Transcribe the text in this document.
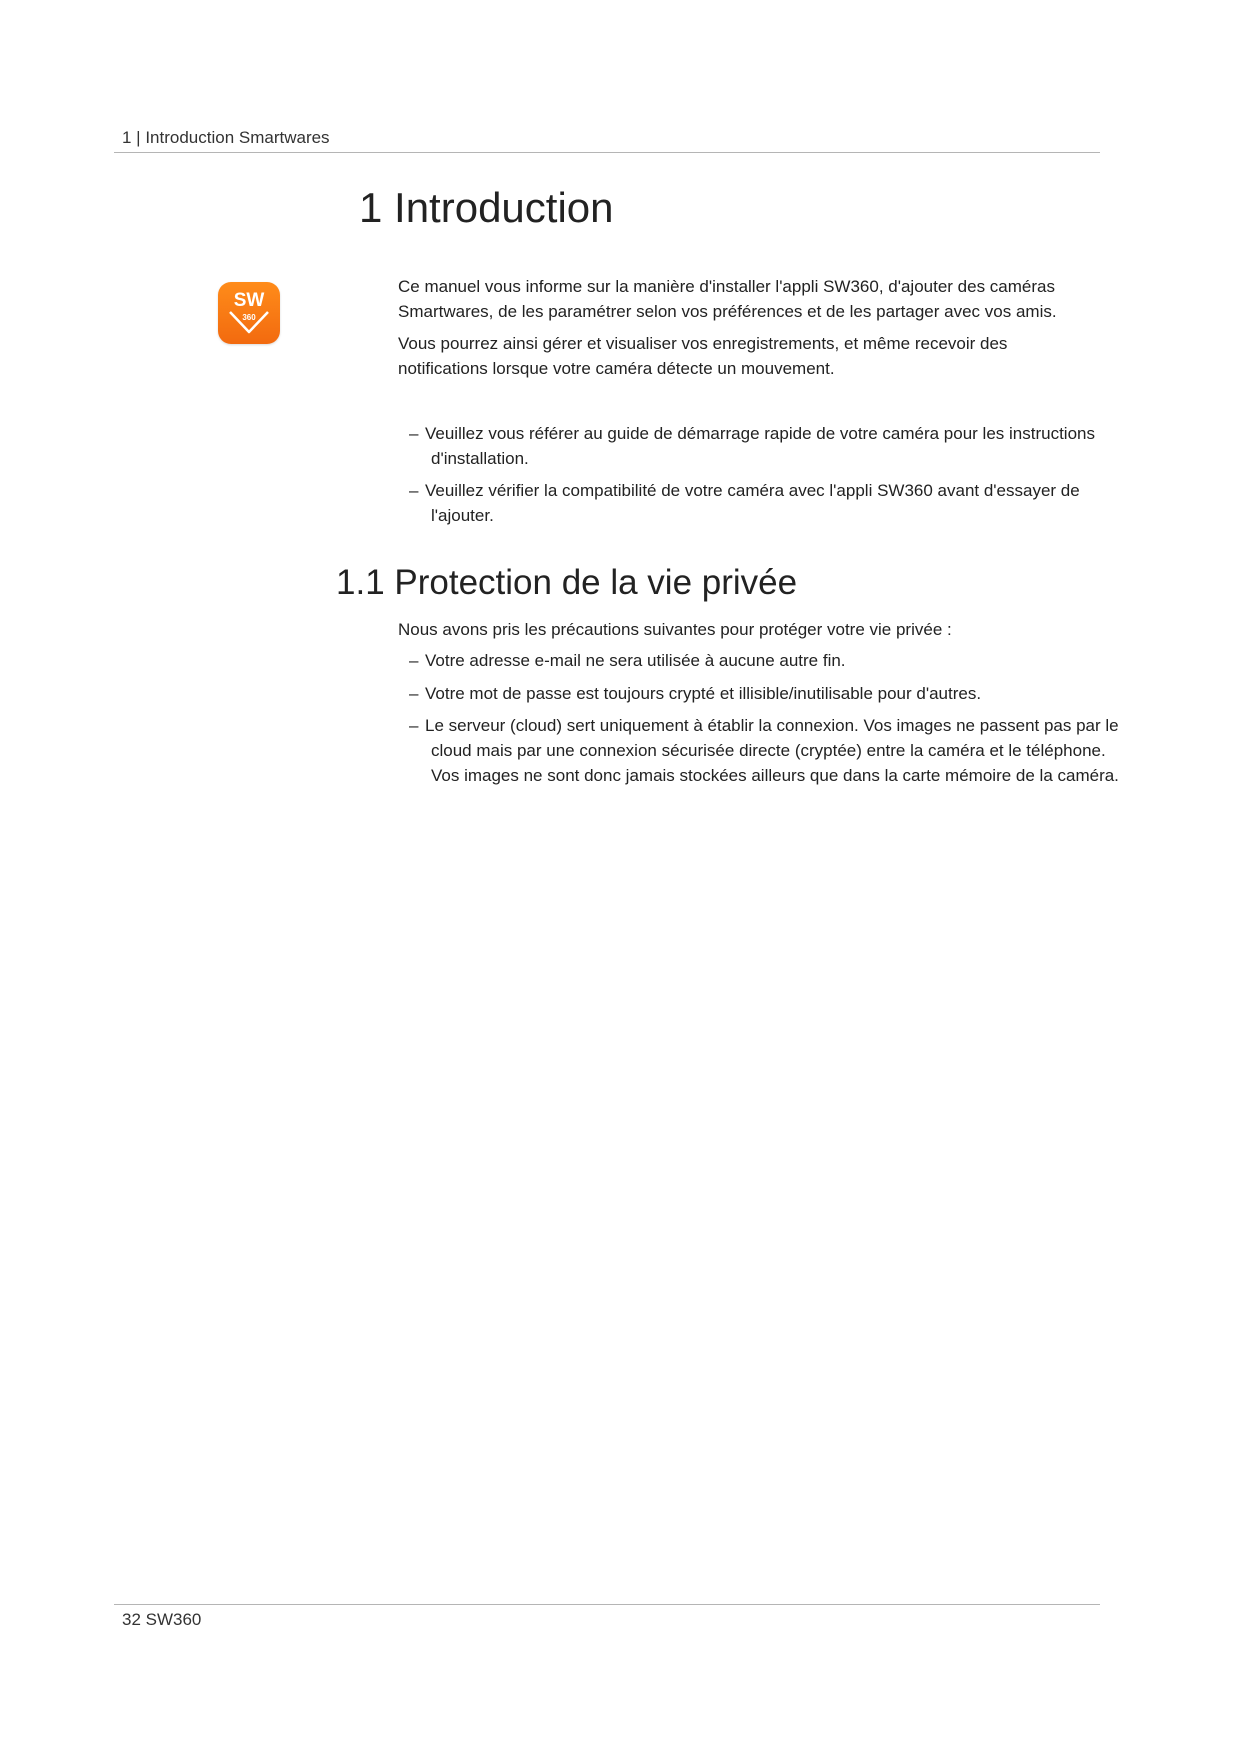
1 | Introduction Smartwares
1 Introduction
SW
360

Ce manuel vous informe sur la manière d'installer l'appli SW360, d'ajouter des caméras Smartwares, de les paramétrer selon vos préférences et de les partager avec vos amis.

Vous pourrez ainsi gérer et visualiser vos enregistrements, et même recevoir des notifications lorsque votre caméra détecte un mouvement.

– Veuillez vous référer au guide de démarrage rapide de votre caméra pour les instructions d'installation.

– Veuillez vérifier la compatibilité de votre caméra avec l'appli SW360 avant d'essayer de l'ajouter.

1.1 Protection de la vie privée

Nous avons pris les précautions suivantes pour protéger votre vie privée :

– Votre adresse e-mail ne sera utilisée à aucune autre fin.

– Votre mot de passe est toujours crypté et illisible/inutilisable pour d'autres.

– Le serveur (cloud) sert uniquement à établir la connexion. Vos images ne passent pas par le cloud mais par une connexion sécurisée directe (cryptée) entre la caméra et le téléphone. Vos images ne sont donc jamais stockées ailleurs que dans la carte mémoire de la caméra.

32 SW360
